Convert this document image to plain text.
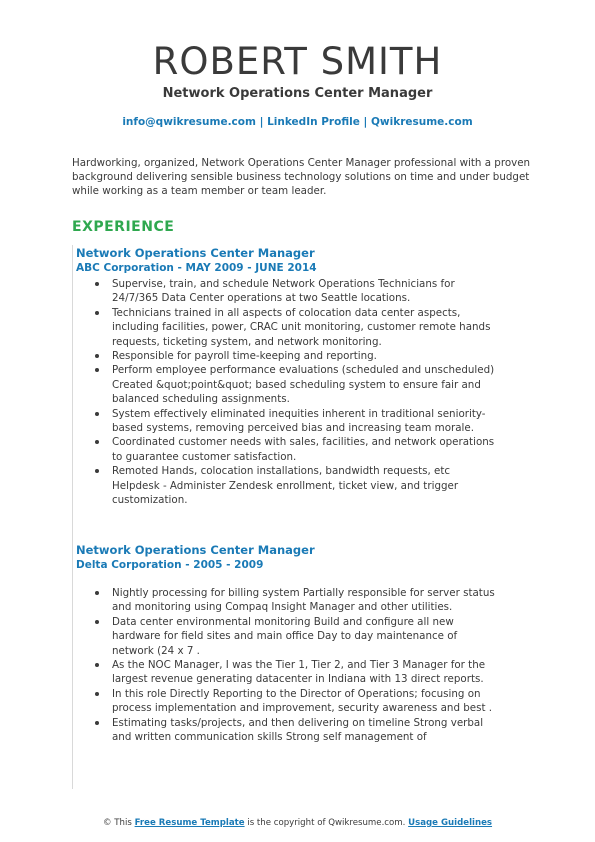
ROBERT SMITH
Network Operations Center Manager
info@qwikresume.com | LinkedIn Profile | Qwikresume.com
Hardworking, organized, Network Operations Center Manager professional with a proven background delivering sensible business technology solutions on time and under budget while working as a team member or team leader.
EXPERIENCE
Network Operations Center Manager
ABC Corporation - MAY 2009 - JUNE 2014
Supervise, train, and schedule Network Operations Technicians for 24/7/365 Data Center operations at two Seattle locations.
Technicians trained in all aspects of colocation data center aspects, including facilities, power, CRAC unit monitoring, customer remote hands requests, ticketing system, and network monitoring.
Responsible for payroll time-keeping and reporting.
Perform employee performance evaluations (scheduled and unscheduled) Created &quot;point&quot; based scheduling system to ensure fair and balanced scheduling assignments.
System effectively eliminated inequities inherent in traditional seniority-based systems, removing perceived bias and increasing team morale.
Coordinated customer needs with sales, facilities, and network operations to guarantee customer satisfaction.
Remoted Hands, colocation installations, bandwidth requests, etc Helpdesk - Administer Zendesk enrollment, ticket view, and trigger customization.
Network Operations Center Manager
Delta Corporation - 2005 - 2009
Nightly processing for billing system Partially responsible for server status and monitoring using Compaq Insight Manager and other utilities.
Data center environmental monitoring Build and configure all new hardware for field sites and main office Day to day maintenance of network (24 x 7 .
As the NOC Manager, I was the Tier 1, Tier 2, and Tier 3 Manager for the largest revenue generating datacenter in Indiana with 13 direct reports.
In this role Directly Reporting to the Director of Operations; focusing on process implementation and improvement, security awareness and best .
Estimating tasks/projects, and then delivering on timeline Strong verbal and written communication skills Strong self management of
© This Free Resume Template is the copyright of Qwikresume.com. Usage Guidelines
